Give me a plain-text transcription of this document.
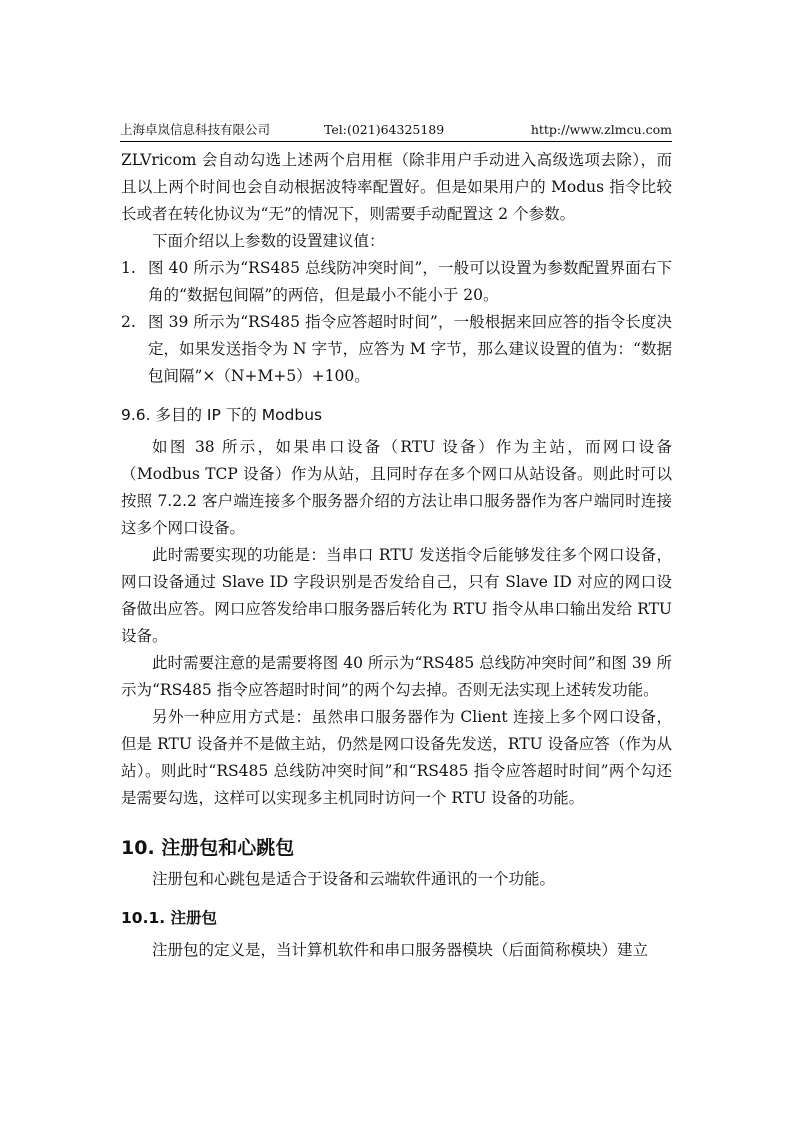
上海卓岚信息科技有限公司	Tel:(021)64325189	http://www.zlmcu.com

ZLVricom 会自动勾选上述两个启用框（除非用户手动进入高级选项去除），而且以上两个时间也会自动根据波特率配置好。但是如果用户的 Modus 指令比较长或者在转化协议为“无”的情况下，则需要手动配置这 2 个参数。

下面介绍以上参数的设置建议值：

1. 图 40 所示为“RS485 总线防冲突时间”，一般可以设置为参数配置界面右下角的“数据包间隔”的两倍，但是最小不能小于 20。
2. 图 39 所示为“RS485 指令应答超时时间”，一般根据来回应答的指令长度决定，如果发送指令为 N 字节，应答为 M 字节，那么建议设置的值为：“数据包间隔”×（N+M+5）+100。
9.6. 多目的 IP 下的 Modbus

如图 38 所示，如果串口设备（RTU 设备）作为主站，而网口设备（Modbus TCP 设备）作为从站，且同时存在多个网口从站设备。则此时可以按照 7.2.2 客户端连接多个服务器介绍的方法让串口服务器作为客户端同时连接这多个网口设备。

此时需要实现的功能是：当串口 RTU 发送指令后能够发往多个网口设备，网口设备通过 Slave ID 字段识别是否发给自己，只有 Slave ID 对应的网口设备做出应答。网口应答发给串口服务器后转化为 RTU 指令从串口输出发给 RTU 设备。

此时需要注意的是需要将图 40 所示为“RS485 总线防冲突时间”和图 39 所示为“RS485 指令应答超时时间”的两个勾去掉。否则无法实现上述转发功能。

另外一种应用方式是：虽然串口服务器作为 Client 连接上多个网口设备，但是 RTU 设备并不是做主站，仍然是网口设备先发送，RTU 设备应答（作为从站）。则此时“RS485 总线防冲突时间”和“RS485 指令应答超时时间”两个勾还是需要勾选，这样可以实现多主机同时访问一个 RTU 设备的功能。

10. 注册包和心跳包

注册包和心跳包是适合于设备和云端软件通讯的一个功能。

10.1. 注册包

注册包的定义是，当计算机软件和串口服务器模块（后面简称模块）建立
